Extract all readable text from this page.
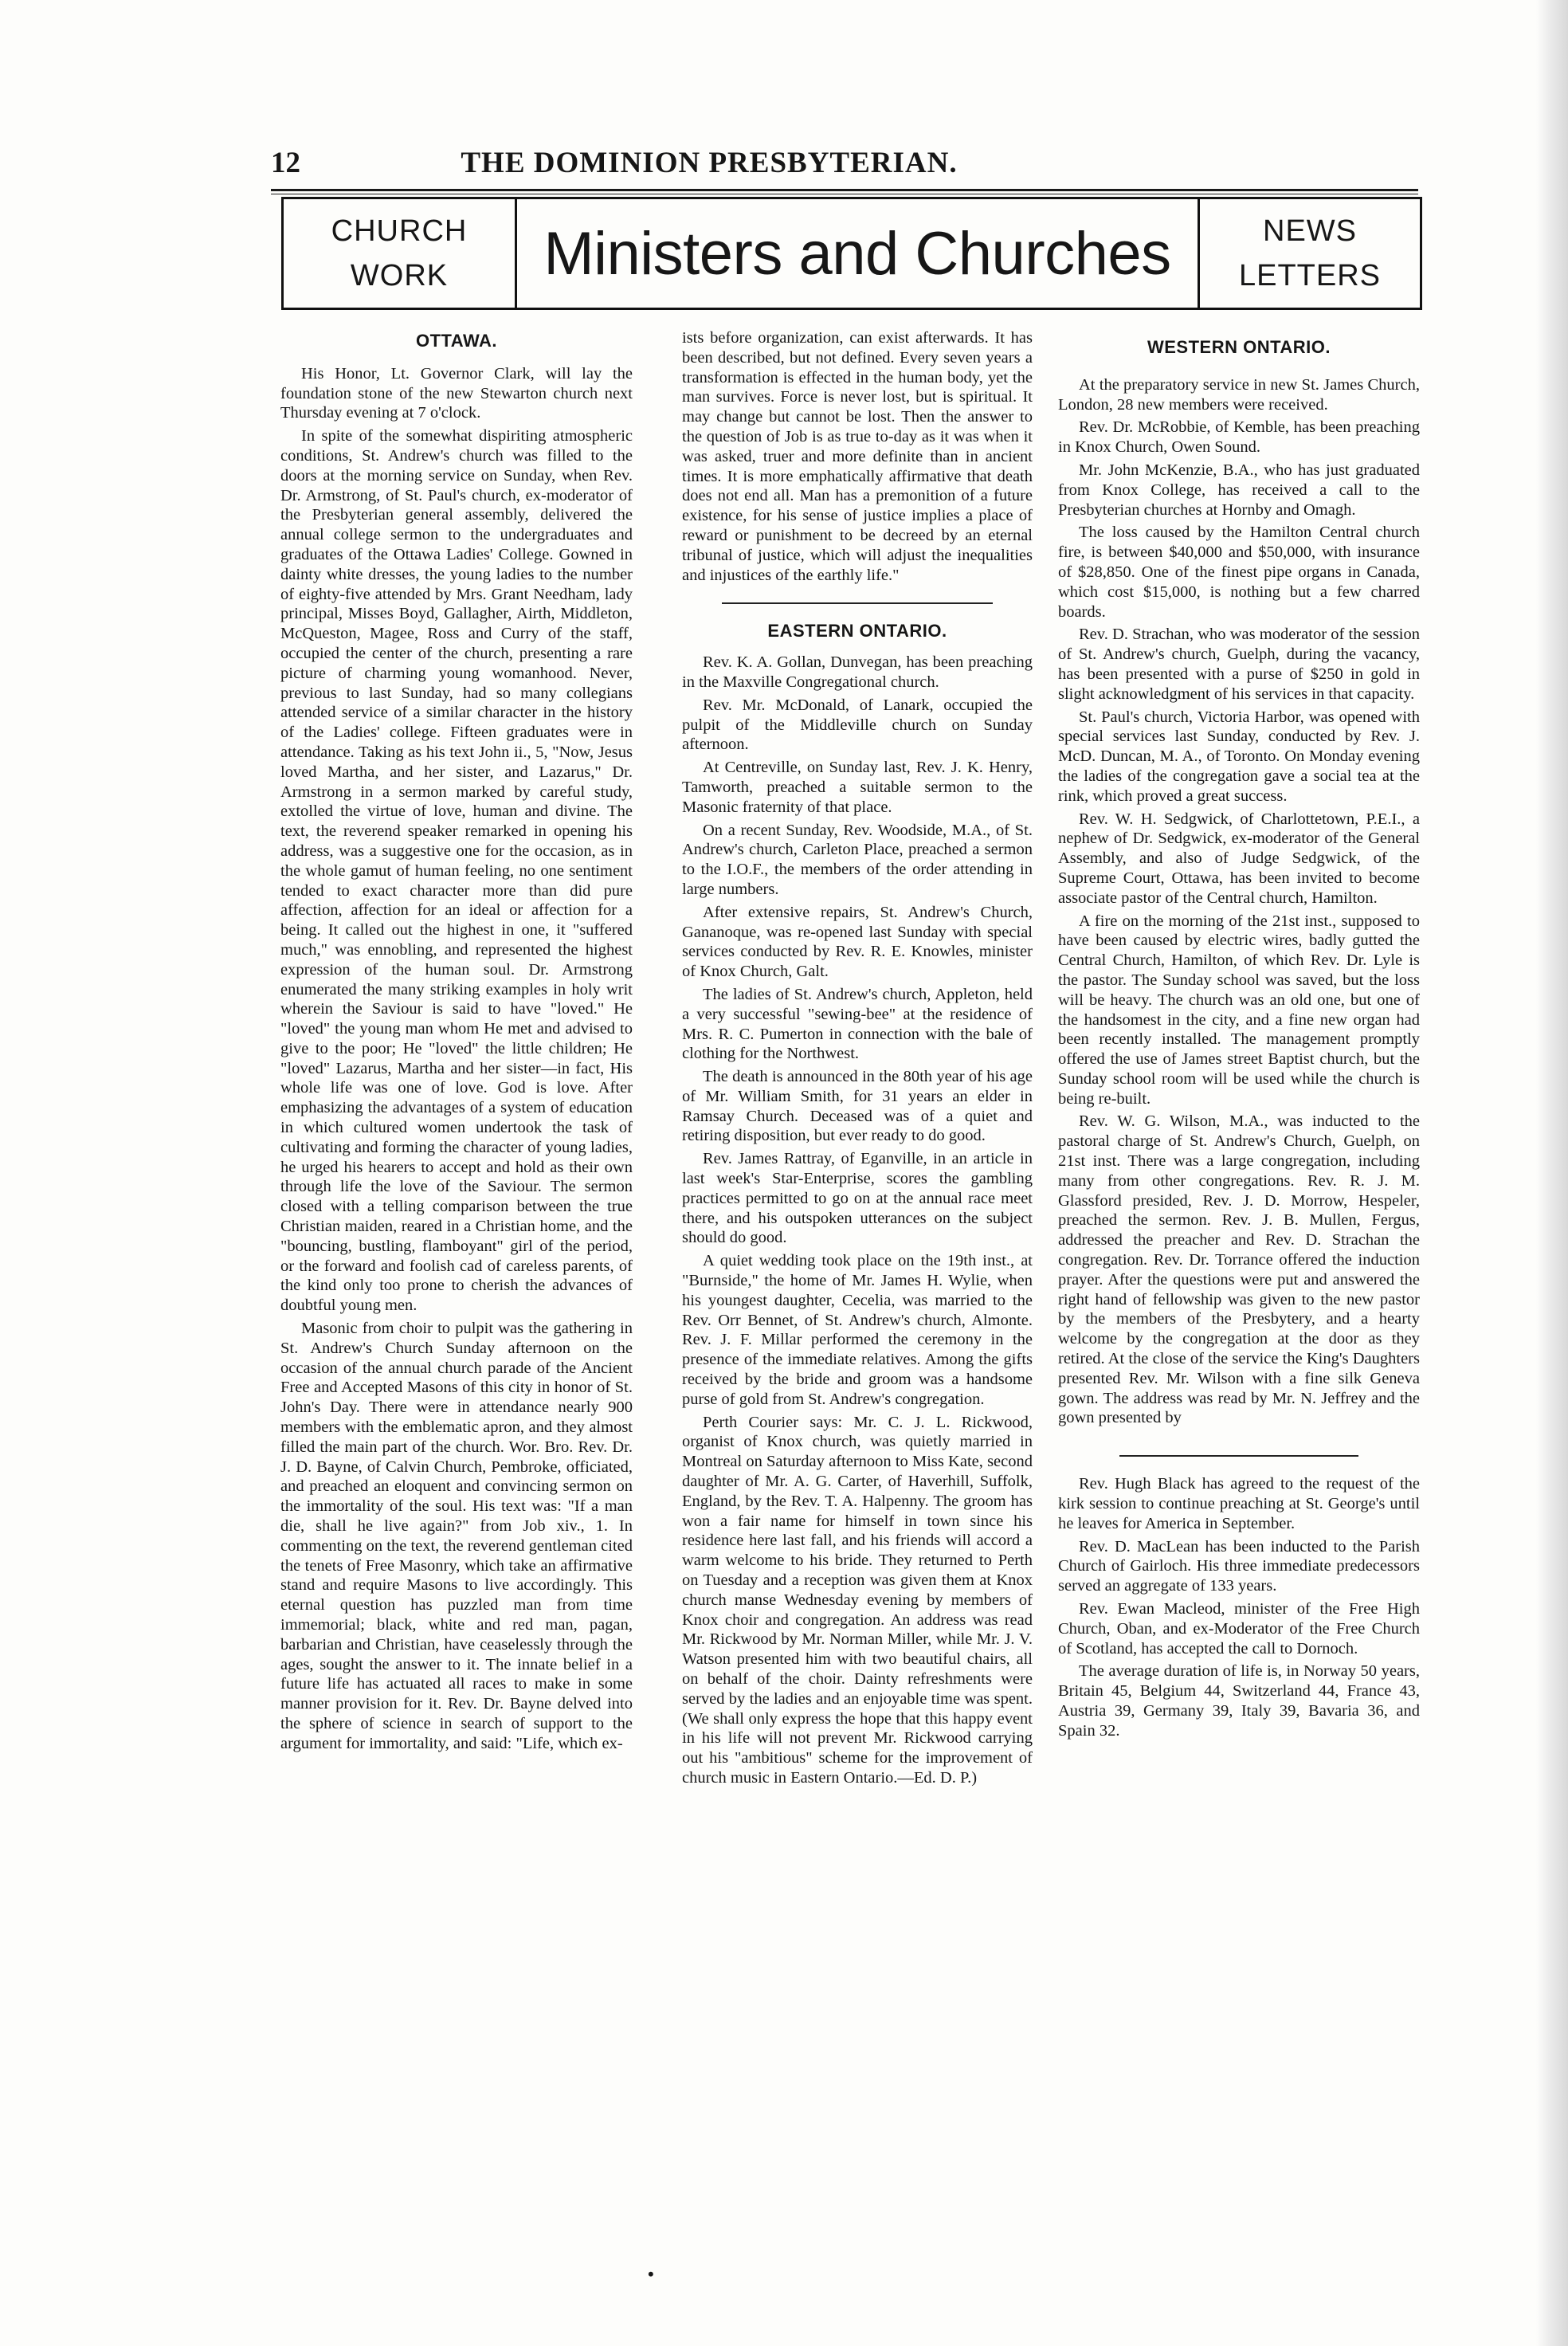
12	THE DOMINION PRESBYTERIAN.
CHURCH
WORK	Ministers and Churches	NEWS
LETTERS
OTTAWA.

His Honor, Lt. Governor Clark, will lay the foundation stone of the new Stewarton church next Thursday evening at 7 o'clock.

In spite of the somewhat dispiriting atmospheric conditions, St. Andrew's church was filled to the doors at the morning service on Sunday, when Rev. Dr. Armstrong, of St. Paul's church, ex-moderator of the Presbyterian general assembly, delivered the annual college sermon to the undergraduates and graduates of the Ottawa Ladies' College. Gowned in dainty white dresses, the young ladies to the number of eighty-five attended by Mrs. Grant Needham, lady principal, Misses Boyd, Gallagher, Airth, Middleton, McQueston, Magee, Ross and Curry of the staff, occupied the center of the church, presenting a rare picture of charming young womanhood. Never, previous to last Sunday, had so many collegians attended service of a similar character in the history of the Ladies' college. Fifteen graduates were in attendance. Taking as his text John ii., 5, "Now, Jesus loved Martha, and her sister, and Lazarus," Dr. Armstrong in a sermon marked by careful study, extolled the virtue of love, human and divine. The text, the reverend speaker remarked in opening his address, was a suggestive one for the occasion, as in the whole gamut of human feeling, no one sentiment tended to exact character more than did pure affection, affection for an ideal or affection for a being. It called out the highest in one, it "suffered much," was ennobling, and represented the highest expression of the human soul. Dr. Armstrong enumerated the many striking examples in holy writ wherein the Saviour is said to have "loved." He "loved" the young man whom He met and advised to give to the poor; He "loved" the little children; He "loved" Lazarus, Martha and her sister—in fact, His whole life was one of love. God is love. After emphasizing the advantages of a system of education in which cultured women undertook the task of cultivating and forming the character of young ladies, he urged his hearers to accept and hold as their own through life the love of the Saviour. The sermon closed with a telling comparison between the true Christian maiden, reared in a Christian home, and the "bouncing, bustling, flamboyant" girl of the period, or the forward and foolish cad of careless parents, of the kind only too prone to cherish the advances of doubtful young men.

Masonic from choir to pulpit was the gathering in St. Andrew's Church Sunday afternoon on the occasion of the annual church parade of the Ancient Free and Accepted Masons of this city in honor of St. John's Day. There were in attendance nearly 900 members with the emblematic apron, and they almost filled the main part of the church. Wor. Bro. Rev. Dr. J. D. Bayne, of Calvin Church, Pembroke, officiated, and preached an eloquent and convincing sermon on the immortality of the soul. His text was: "If a man die, shall he live again?" from Job xiv., 1. In commenting on the text, the reverend gentleman cited the tenets of Free Masonry, which take an affirmative stand and require Masons to live accordingly. This eternal question has puzzled man from time immemorial; black, white and red man, pagan, barbarian and Christian, have ceaselessly through the ages, sought the answer to it. The innate belief in a future life has actuated all races to make in some manner provision for it. Rev. Dr. Bayne delved into the sphere of science in search of support to the argument for immortality, and said: "Life, which ex-

•

ists before organization, can exist afterwards. It has been described, but not defined. Every seven years a transformation is effected in the human body, yet the man survives. Force is never lost, but is spiritual. It may change but cannot be lost. Then the answer to the question of Job is as true to-day as it was when it was asked, truer and more definite than in ancient times. It is more emphatically affirmative that death does not end all. Man has a premonition of a future existence, for his sense of justice implies a place of reward or punishment to be decreed by an eternal tribunal of justice, which will adjust the inequalities and injustices of the earthly life."

EASTERN ONTARIO.

Rev. K. A. Gollan, Dunvegan, has been preaching in the Maxville Congregational church.

Rev. Mr. McDonald, of Lanark, occupied the pulpit of the Middleville church on Sunday afternoon.

At Centreville, on Sunday last, Rev. J. K. Henry, Tamworth, preached a suitable sermon to the Masonic fraternity of that place.

On a recent Sunday, Rev. Woodside, M.A., of St. Andrew's church, Carleton Place, preached a sermon to the I.O.F., the members of the order attending in large numbers.

After extensive repairs, St. Andrew's Church, Gananoque, was re-opened last Sunday with special services conducted by Rev. R. E. Knowles, minister of Knox Church, Galt.

The ladies of St. Andrew's church, Appleton, held a very successful "sewing-bee" at the residence of Mrs. R. C. Pumerton in connection with the bale of clothing for the Northwest.

The death is announced in the 80th year of his age of Mr. William Smith, for 31 years an elder in Ramsay Church. Deceased was of a quiet and retiring disposition, but ever ready to do good.

Rev. James Rattray, of Eganville, in an article in last week's Star-Enterprise, scores the gambling practices permitted to go on at the annual race meet there, and his outspoken utterances on the subject should do good.

A quiet wedding took place on the 19th inst., at "Burnside," the home of Mr. James H. Wylie, when his youngest daughter, Cecelia, was married to the Rev. Orr Bennet, of St. Andrew's church, Almonte. Rev. J. F. Millar performed the ceremony in the presence of the immediate relatives. Among the gifts received by the bride and groom was a handsome purse of gold from St. Andrew's congregation.

Perth Courier says: Mr. C. J. L. Rickwood, organist of Knox church, was quietly married in Montreal on Saturday afternoon to Miss Kate, second daughter of Mr. A. G. Carter, of Haverhill, Suffolk, England, by the Rev. T. A. Halpenny. The groom has won a fair name for himself in town since his residence here last fall, and his friends will accord a warm welcome to his bride. They returned to Perth on Tuesday and a reception was given them at Knox church manse Wednesday evening by members of Knox choir and congregation. An address was read Mr. Rickwood by Mr. Norman Miller, while Mr. J. V. Watson presented him with two beautiful chairs, all on behalf of the choir. Dainty refreshments were served by the ladies and an enjoyable time was spent. (We shall only express the hope that this happy event in his life will not prevent Mr. Rickwood carrying out his "ambitious" scheme for the improvement of church music in Eastern Ontario.—Ed. D. P.)

WESTERN ONTARIO.

At the preparatory service in new St. James Church, London, 28 new members were received.

Rev. Dr. McRobbie, of Kemble, has been preaching in Knox Church, Owen Sound.

Mr. John McKenzie, B.A., who has just graduated from Knox College, has received a call to the Presbyterian churches at Hornby and Omagh.

The loss caused by the Hamilton Central church fire, is between $40,000 and $50,000, with insurance of $28,850. One of the finest pipe organs in Canada, which cost $15,000, is nothing but a few charred boards.

Rev. D. Strachan, who was moderator of the session of St. Andrew's church, Guelph, during the vacancy, has been presented with a purse of $250 in gold in slight acknowledgment of his services in that capacity.

St. Paul's church, Victoria Harbor, was opened with special services last Sunday, conducted by Rev. J. McD. Duncan, M. A., of Toronto. On Monday evening the ladies of the congregation gave a social tea at the rink, which proved a great success.

Rev. W. H. Sedgwick, of Charlottetown, P.E.I., a nephew of Dr. Sedgwick, ex-moderator of the General Assembly, and also of Judge Sedgwick, of the Supreme Court, Ottawa, has been invited to become associate pastor of the Central church, Hamilton.

A fire on the morning of the 21st inst., supposed to have been caused by electric wires, badly gutted the Central Church, Hamilton, of which Rev. Dr. Lyle is the pastor. The Sunday school was saved, but the loss will be heavy. The church was an old one, but one of the handsomest in the city, and a fine new organ had been recently installed. The management promptly offered the use of James street Baptist church, but the Sunday school room will be used while the church is being re-built.

Rev. W. G. Wilson, M.A., was inducted to the pastoral charge of St. Andrew's Church, Guelph, on 21st inst. There was a large congregation, including many from other congregations. Rev. R. J. M. Glassford presided, Rev. J. D. Morrow, Hespeler, preached the sermon. Rev. J. B. Mullen, Fergus, addressed the preacher and Rev. D. Strachan the congregation. Rev. Dr. Torrance offered the induction prayer. After the questions were put and answered the right hand of fellowship was given to the new pastor by the members of the Presbytery, and a hearty welcome by the congregation at the door as they retired. At the close of the service the King's Daughters presented Rev. Mr. Wilson with a fine silk Geneva gown. The address was read by Mr. N. Jeffrey and the gown presented by

Rev. Hugh Black has agreed to the request of the kirk session to continue preaching at St. George's until he leaves for America in September.

Rev. D. MacLean has been inducted to the Parish Church of Gairloch. His three immediate predecessors served an aggregate of 133 years.

Rev. Ewan Macleod, minister of the Free High Church, Oban, and ex-Moderator of the Free Church of Scotland, has accepted the call to Dornoch.

The average duration of life is, in Norway 50 years, Britain 45, Belgium 44, Switzerland 44, France 43, Austria 39, Germany 39, Italy 39, Bavaria 36, and Spain 32.
